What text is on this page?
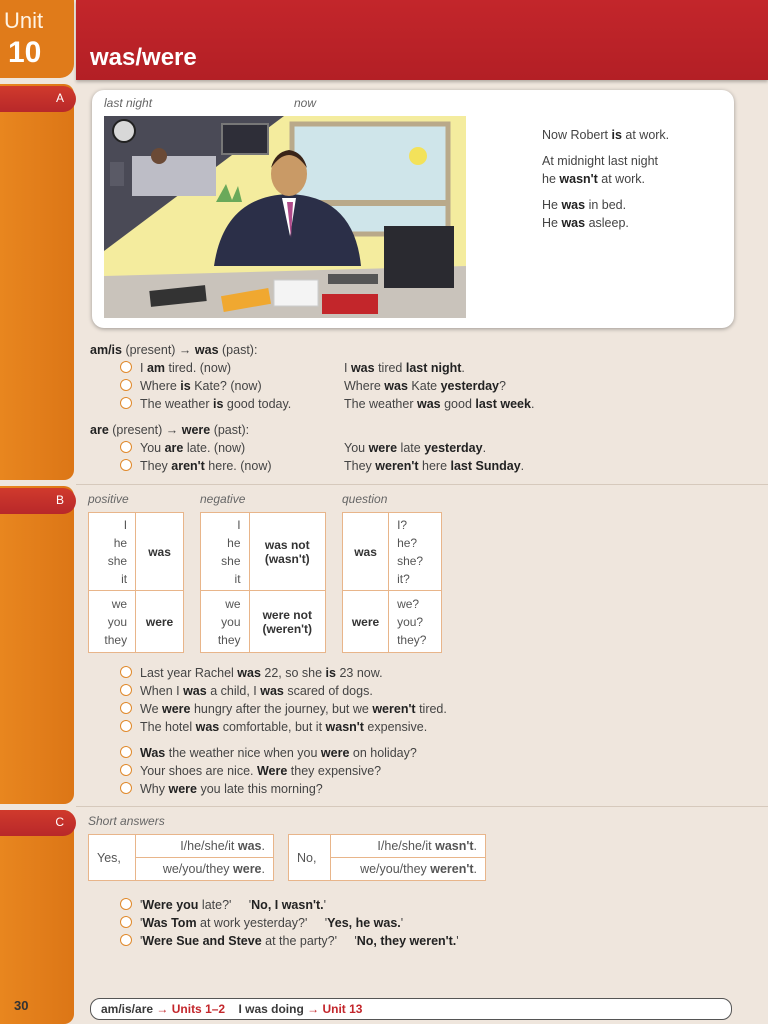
Unit
10 was/were
A
B
C
last night	now
Now Robert is at work.
At midnight last night
he wasn't at work.
He was in bed.
He was asleep.
am/is (present) → was (past):
I am tired. (now)	I was tired last night.
Where is Kate? (now)	Where was Kate yesterday?
The weather is good today.	The weather was good last week.
are (present) → were (past):
You are late. (now)	You were late yesterday.
They aren't here. (now)	They weren't here last Sunday.
positive	negative	question
I
he
she
it	was
we
you
they	were
I
he
she
it	was not
(wasn't)
we
you
they	were not
(weren't)
was	I?
he?
she?
it?
were	we?
you?
they?
Last year Rachel was 22, so she is 23 now.
When I was a child, I was scared of dogs.
We were hungry after the journey, but we weren't tired.
The hotel was comfortable, but it wasn't expensive.
Was the weather nice when you were on holiday?
Your shoes are nice. Were they expensive?
Why were you late this morning?
Short answers
Yes,	I/he/she/it was.
we/you/they were.
No,	I/he/she/it wasn't.
we/you/they weren't.
'Were you late?'     'No, I wasn't.'
'Was Tom at work yesterday?'     'Yes, he was.'
'Were Sue and Steve at the party?'     'No, they weren't.'
30	am/is/are → Units 1–2 I was doing → Unit 13
